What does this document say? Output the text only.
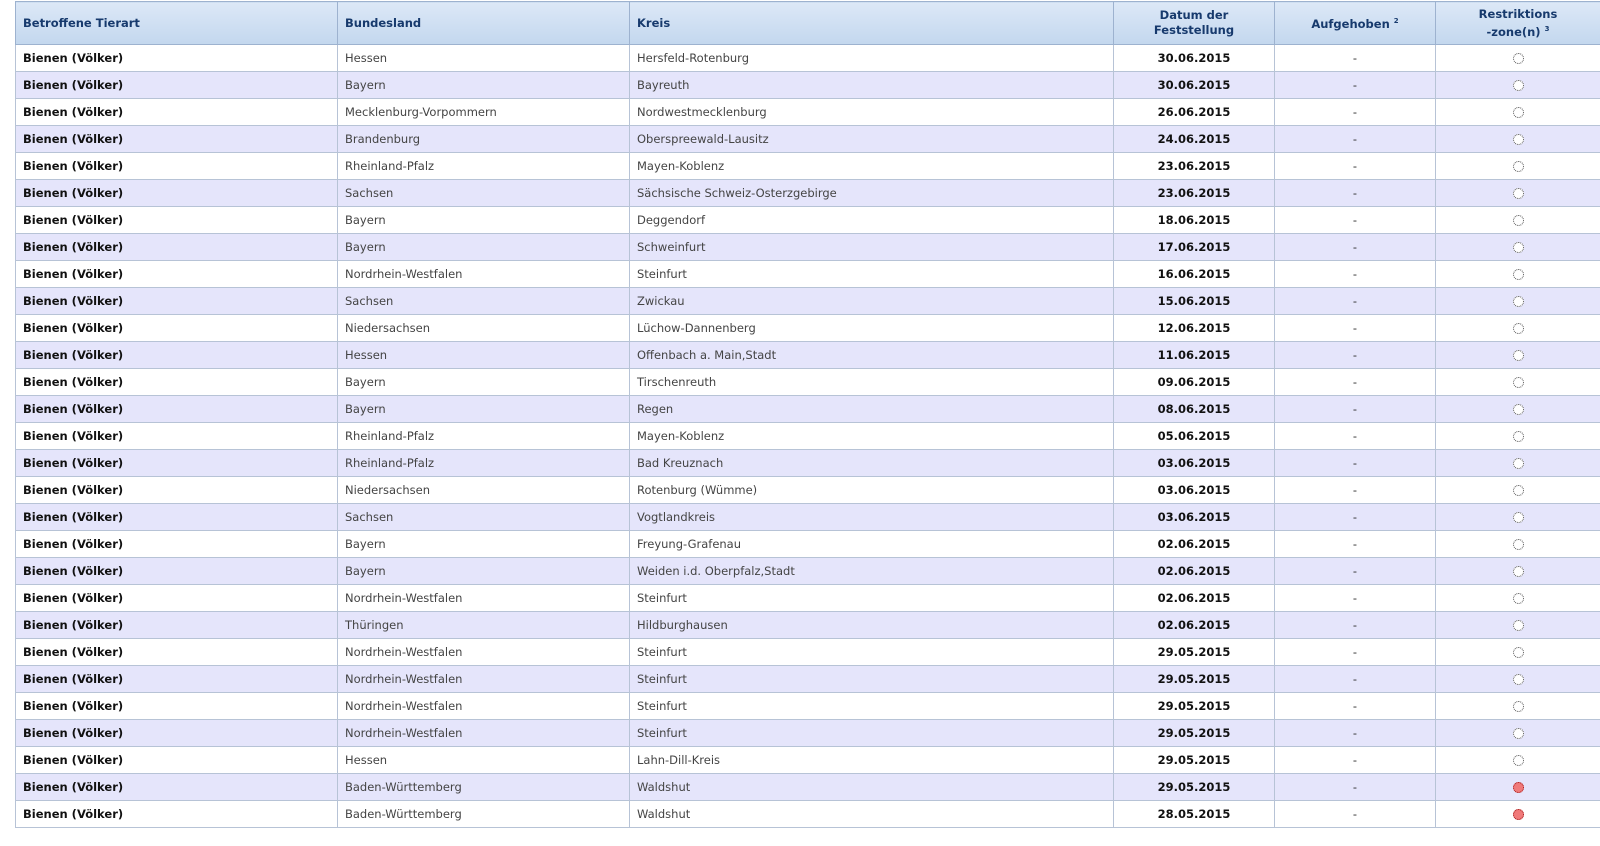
Betroffene Tierart	Bundesland	Kreis	Datum der
Feststellung	Aufgehoben $^2$	Restriktions
-zone(n) $^3$
Bienen (Völker)	Hessen	Hersfeld-Rotenburg	30.06.2015	-	
Bienen (Völker)	Bayern	Bayreuth	30.06.2015	-	
Bienen (Völker)	Mecklenburg-Vorpommern	Nordwestmecklenburg	26.06.2015	-	
Bienen (Völker)	Brandenburg	Oberspreewald-Lausitz	24.06.2015	-	
Bienen (Völker)	Rheinland-Pfalz	Mayen-Koblenz	23.06.2015	-	
Bienen (Völker)	Sachsen	Sächsische Schweiz-Osterzgebirge	23.06.2015	-	
Bienen (Völker)	Bayern	Deggendorf	18.06.2015	-	
Bienen (Völker)	Bayern	Schweinfurt	17.06.2015	-	
Bienen (Völker)	Nordrhein-Westfalen	Steinfurt	16.06.2015	-	
Bienen (Völker)	Sachsen	Zwickau	15.06.2015	-	
Bienen (Völker)	Niedersachsen	Lüchow-Dannenberg	12.06.2015	-	
Bienen (Völker)	Hessen	Offenbach a. Main,Stadt	11.06.2015	-	
Bienen (Völker)	Bayern	Tirschenreuth	09.06.2015	-	
Bienen (Völker)	Bayern	Regen	08.06.2015	-	
Bienen (Völker)	Rheinland-Pfalz	Mayen-Koblenz	05.06.2015	-	
Bienen (Völker)	Rheinland-Pfalz	Bad Kreuznach	03.06.2015	-	
Bienen (Völker)	Niedersachsen	Rotenburg (Wümme)	03.06.2015	-	
Bienen (Völker)	Sachsen	Vogtlandkreis	03.06.2015	-	
Bienen (Völker)	Bayern	Freyung-Grafenau	02.06.2015	-	
Bienen (Völker)	Bayern	Weiden i.d. Oberpfalz,Stadt	02.06.2015	-	
Bienen (Völker)	Nordrhein-Westfalen	Steinfurt	02.06.2015	-	
Bienen (Völker)	Thüringen	Hildburghausen	02.06.2015	-	
Bienen (Völker)	Nordrhein-Westfalen	Steinfurt	29.05.2015	-	
Bienen (Völker)	Nordrhein-Westfalen	Steinfurt	29.05.2015	-	
Bienen (Völker)	Nordrhein-Westfalen	Steinfurt	29.05.2015	-	
Bienen (Völker)	Nordrhein-Westfalen	Steinfurt	29.05.2015	-	
Bienen (Völker)	Hessen	Lahn-Dill-Kreis	29.05.2015	-	
Bienen (Völker)	Baden-Württemberg	Waldshut	29.05.2015	-	
Bienen (Völker)	Baden-Württemberg	Waldshut	28.05.2015	-	
